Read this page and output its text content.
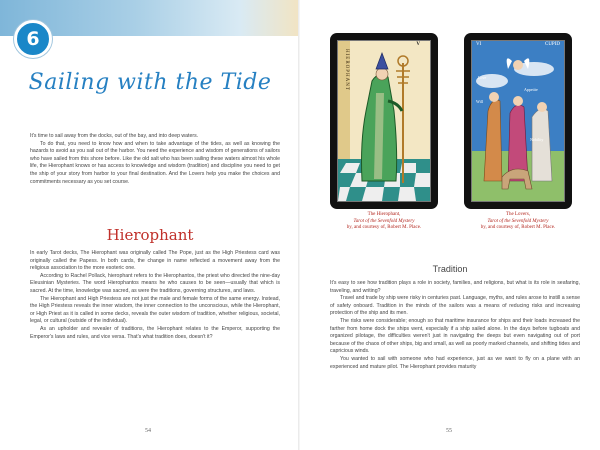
6
Sailing with the Tide

It's time to sail away from the docks, out of the bay, and into deep waters.

To do that, you need to know how and when to take advantage of the tides, as well as knowing the hazards to avoid as you sail out of the harbor. You need the experience and wisdom of generations of sailors who have sailed from this shore before. Like the old salt who has been sailing these waters almost his whole life, the Hierophant knows or has access to knowledge and wisdom (tradition) and discipline you need to get the ship of your story from harbor to your final destination. And the Lovers help you make the choices and commitments necessary as you set course.

Hierophant

In early Tarot decks, The Hierophant was originally called The Pope, just as the High Priestess card was originally called the Papess. In both cards, the change in name reflected a movement away from the religious association to the more esoteric one.

According to Rachel Pollack, hierophant refers to the Hierophantos, the priest who directed the nine-day Eleusinian Mysteries. The word Hierophantos means he who causes to be seen—usually that which is sacred. At the time, knowledge was sacred, as were the traditions, governing structures, and laws.

The Hierophant and High Priestess are not just the male and female forms of the same energy. Instead, the High Priestess reveals the inner wisdom, the inner connection to the unconscious, while the Hierophant, or High Priest as it is called in some decks, reveals the outer wisdom of tradition, whether religious, societal, legal, or cultural (outside of the individual).

As an upholder and revealer of traditions, the Hierophant relates to the Emperor, supporting the Emperor's laws and rules, and vice versa. That's what tradition does, doesn't it?

54
V
HIEROPHANT
VI	CUPID
Love
Appetite
Will
Nobility
The Hierophant,
Tarot of the Sevenfold Mystery
by, and courtesy of, Robert M. Place.
The Lovers,
Tarot of the Sevenfold Mystery
by, and courtesy of, Robert M. Place.
Tradition

It's easy to see how tradition plays a role in society, families, and religions, but what is its role in seafaring, traveling, and writing?

Travel and trade by ship were risky in centuries past. Language, myths, and rules arose to instill a sense of safety onboard. Tradition in the minds of the sailors was a means of reducing risks and increasing protection of the ship and its men.

The risks were considerable; enough so that maritime insurance for ships and their loads increased the farther from home dock the ships went, especially if a ship sailed alone. In the days before tugboats and organized pilotage, the difficulties weren't just in navigating the deeps but even navigating out of port because of the chaos of other ships, big and small, as well as poorly marked channels, and shifting tides and capricious winds.

You wanted to sail with someone who had experience, just as we want to fly on a plane with an experienced and mature pilot. The Hierophant provides maturity

55
